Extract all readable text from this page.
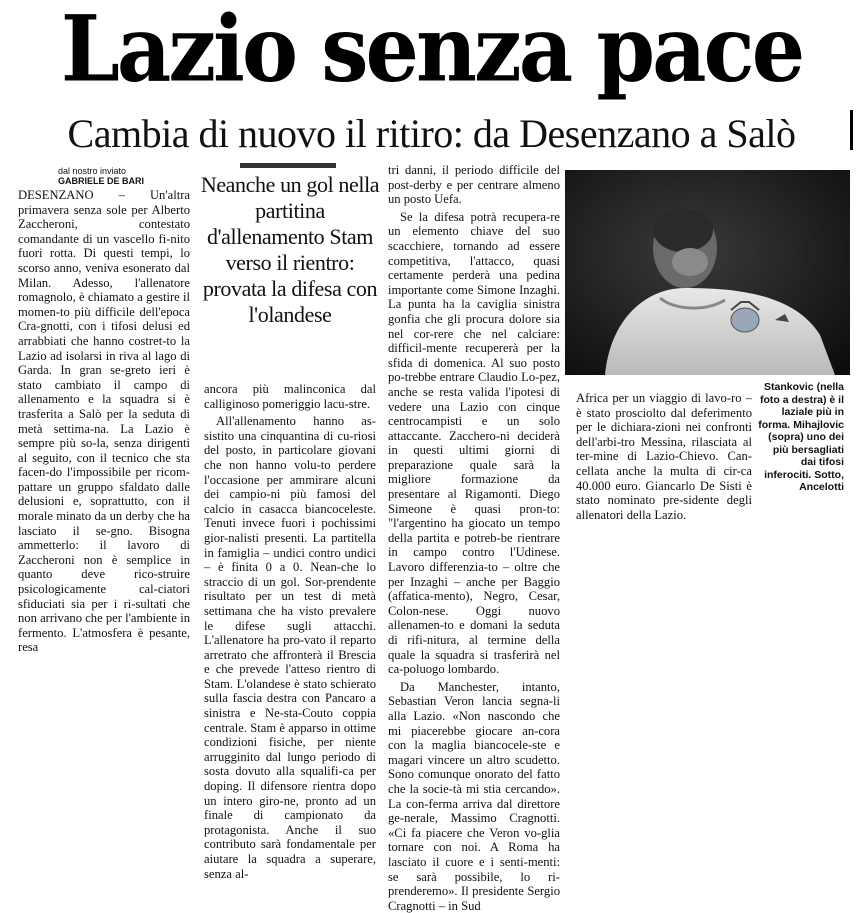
Lazio senza pace
Cambia di nuovo il ritiro: da Desenzano a Salò
dal nostro inviato
GABRIELE DE BARI

DESENZANO – Un'altra primavera senza sole per Alberto Zaccheroni, contestato comandante di un vascello fi-nito fuori rotta. Di questi tempi, lo scorso anno, veniva esonerato dal Milan. Adesso, l'allenatore romagnolo, è chiamato a gestire il momen-to più difficile dell'epoca Cra-gnotti, con i tifosi delusi ed arrabbiati che hanno costret-to la Lazio ad isolarsi in riva al lago di Garda. In gran se-greto ieri è stato cambiato il campo di allenamento e la squadra si è trasferita a Salò per la seduta di metà settima-na. La Lazio è sempre più so-la, senza dirigenti al seguito, con il tecnico che sta facen-do l'impossibile per ricom-pattare un gruppo sfaldato dalle delusioni e, soprattutto, con il morale minato da un derby che ha lasciato il se-gno. Bisogna ammetterlo: il lavoro di Zaccheroni non è semplice in quanto deve rico-struire psicologicamente cal-ciatori sfiduciati sia per i ri-sultati che non arrivano che per l'ambiente in fermento. L'atmosfera è pesante, resa

Neanche un gol nella partitina d'allenamento Stam verso il rientro: provata la difesa con l'olandese

ancora più malinconica dal calliginoso pomeriggio lacu-stre.

All'allenamento hanno as-sistito una cinquantina di cu-riosi del posto, in particolare giovani che non hanno volu-to perdere l'occasione per ammirare alcuni dei campio-ni più famosi del calcio in casacca biancoceleste. Tenuti invece fuori i pochissimi gior-nalisti presenti. La partitella in famiglia – undici contro undici – è finita 0 a 0. Nean-che lo straccio di un gol. Sor-prendente risultato per un test di metà settimana che ha visto prevalere le difese sugli attacchi. L'allenatore ha pro-vato il reparto arretrato che affronterà il Brescia e che prevede l'atteso rientro di Stam. L'olandese è stato schierato sulla fascia destra con Pancaro a sinistra e Ne-sta-Couto coppia centrale. Stam è apparso in ottime condizioni fisiche, per niente arrugginito dal lungo periodo di sosta dovuto alla squalifi-ca per doping. Il difensore rientra dopo un intero giro-ne, pronto ad un finale di campionato da protagonista. Anche il suo contributo sarà fondamentale per aiutare la squadra a superare, senza al-

tri danni, il periodo difficile del post-derby e per centrare almeno un posto Uefa.

Se la difesa potrà recupera-re un elemento chiave del suo scacchiere, tornando ad essere competitiva, l'attacco, quasi certamente perderà una pedina importante come Simone Inzaghi. La punta ha la caviglia sinistra gonfia che gli procura dolore sia nel cor-rere che nel calciare: difficil-mente recupererà per la sfida di domenica. Al suo posto po-trebbe entrare Claudio Lo-pez, anche se resta valida l'ipotesi di vedere una Lazio con cinque centrocampisti e un solo attaccante. Zacchero-ni deciderà in questi ultimi giorni di preparazione quale sarà la migliore formazione da presentare al Rigamonti. Diego Simeone è quasi pron-to: "l'argentino ha giocato un tempo della partita e potreb-be rientrare in campo contro l'Udinese. Lavoro differenzia-to – oltre che per Inzaghi – anche per Baggio (affatica-mento), Negro, Cesar, Colon-nese. Oggi nuovo allenamen-to e domani la seduta di rifi-nitura, al termine della quale la squadra si trasferirà nel ca-poluogo lombardo.

Da Manchester, intanto, Sebastian Veron lancia segna-li alla Lazio. «Non nascondo che mi piacerebbe giocare an-cora con la maglia biancocele-ste e magari vincere un altro scudetto. Sono comunque onorato del fatto che la socie-tà mi stia cercando». La con-ferma arriva dal direttore ge-nerale, Massimo Cragnotti. «Ci fa piacere che Veron vo-glia tornare con noi. A Roma ha lasciato il cuore e i senti-menti: se sarà possibile, lo ri-prenderemo». Il presidente Sergio Cragnotti – in Sud

Stankovic (nella foto a destra) è il laziale più in forma. Mihajlovic (sopra) uno dei più bersagliati dai tifosi inferociti. Sotto, Ancelotti

Africa per un viaggio di lavo-ro – è stato prosciolto dal deferimento per le dichiara-zioni nei confronti dell'arbi-tro Messina, rilasciata al ter-mine di Lazio-Chievo. Can-cellata anche la multa di cir-ca 40.000 euro. Giancarlo De Sisti è stato nominato pre-sidente degli allenatori della Lazio.
